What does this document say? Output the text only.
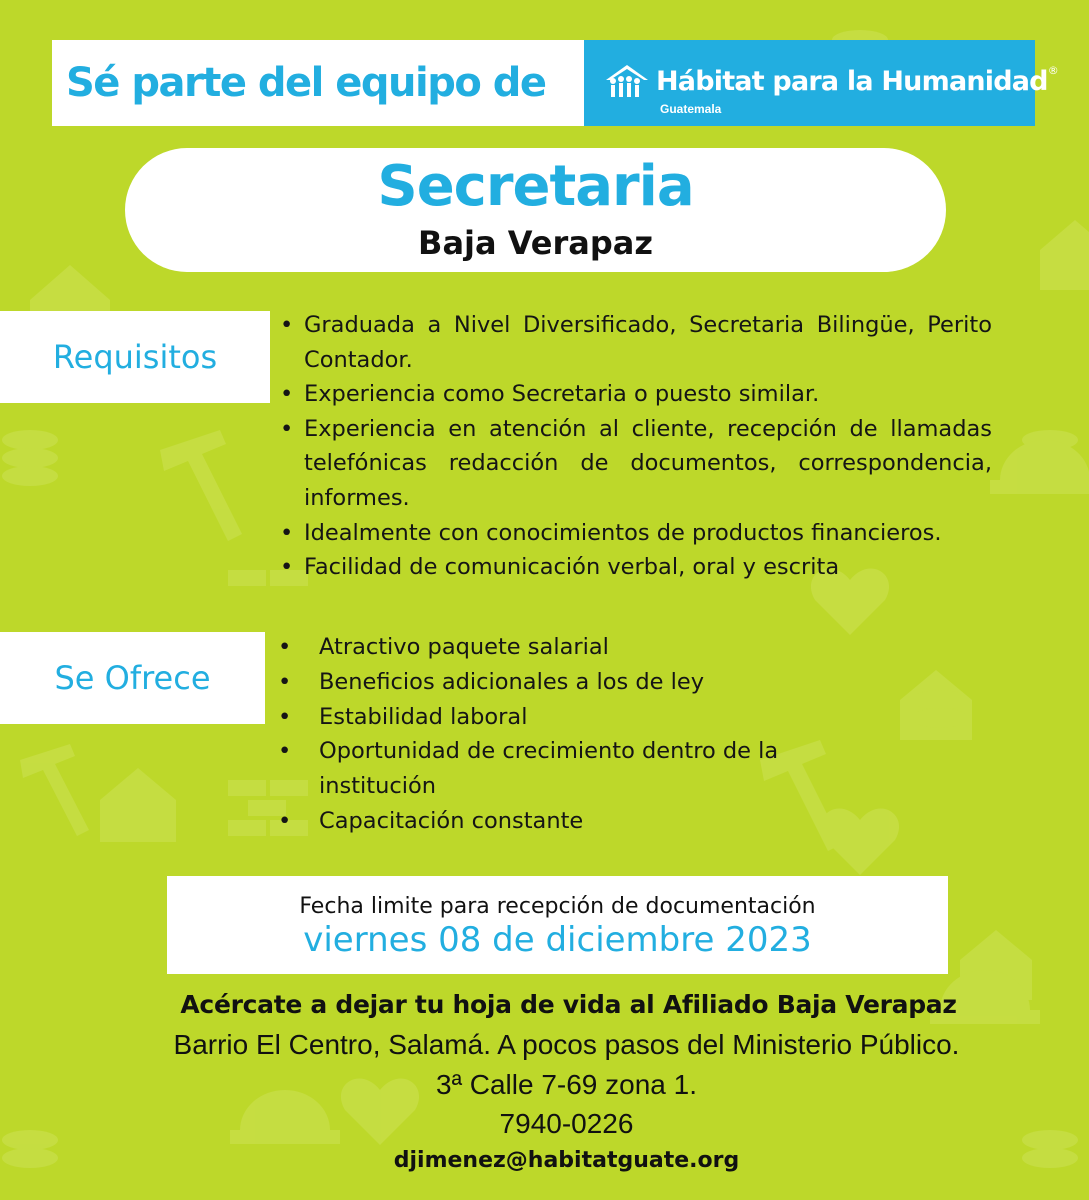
Sé parte del equipo de	Hábitat para la Humanidad®
Guatemala
Secretaria
Baja Verapaz
Requisitos
• Graduada a Nivel Diversificado, Secretaria Bilingüe, Perito Contador.
• Experiencia como Secretaria o puesto similar.
• Experiencia en atención al cliente, recepción de llamadas telefónicas redacción de documentos, correspondencia, informes.
• Idealmente con conocimientos de productos financieros.
• Facilidad de comunicación verbal, oral y escrita
Se Ofrece
• Atractivo paquete salarial
• Beneficios adicionales a los de ley
• Estabilidad laboral
• Oportunidad de crecimiento dentro de la institución
• Capacitación constante
Fecha limite para recepción de documentación
viernes 08 de diciembre 2023
Acércate a dejar tu hoja de vida al Afiliado Baja Verapaz
Barrio El Centro, Salamá. A pocos pasos del Ministerio Público.
3ª Calle 7-69 zona 1.
7940-0226
djimenez@habitatguate.org
